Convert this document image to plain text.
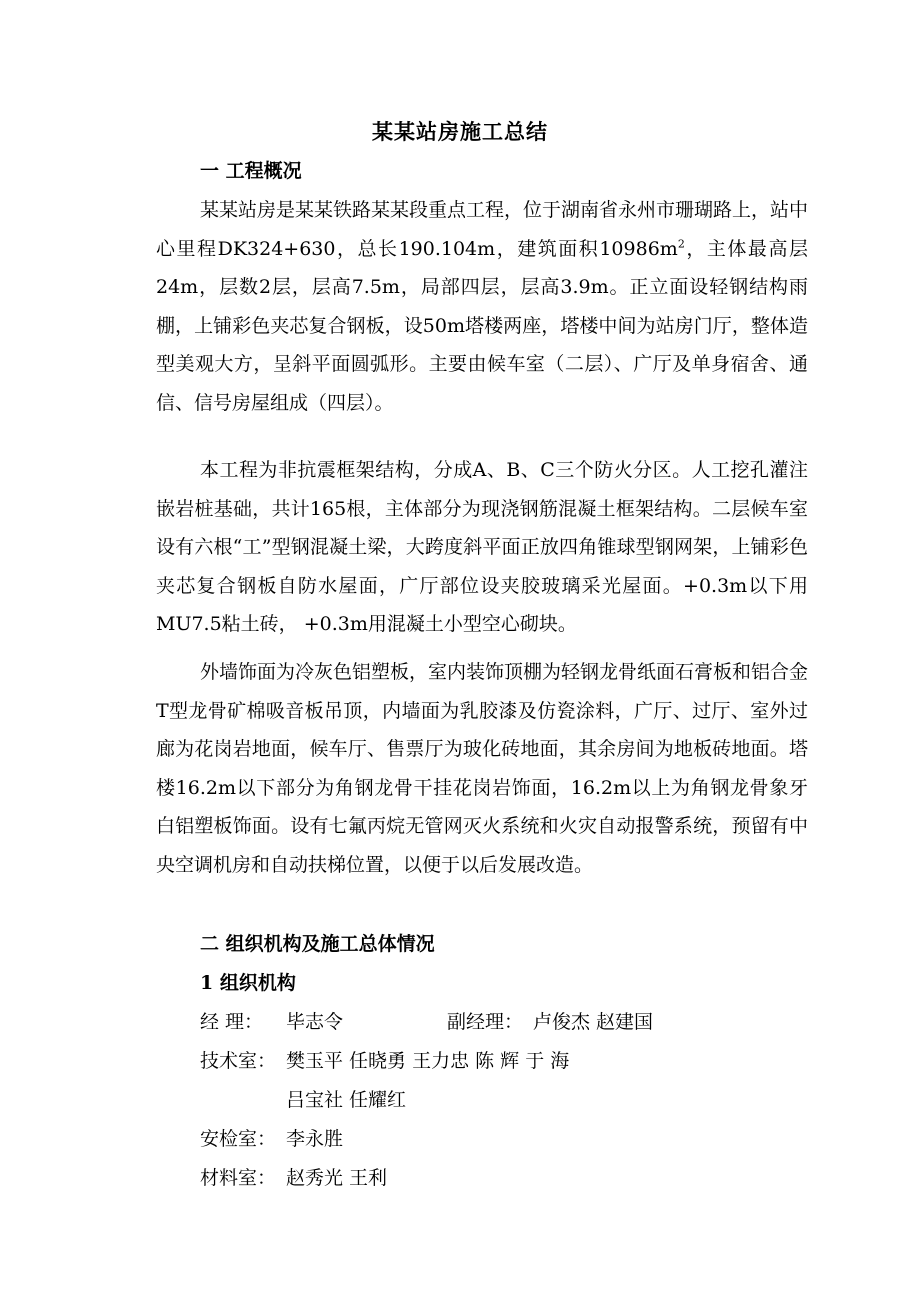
某某站房施工总结
一 工程概况

某某站房是某某铁路某某段重点工程，位于湖南省永州市珊瑚路上，站中心里程DK324+630，总长190.104m，建筑面积$10986m^2$，主体最高层24m，层数2层，层高7.5m，局部四层，层高3.9m。正立面设轻钢结构雨棚，上铺彩色夹芯复合钢板，设50m塔楼两座，塔楼中间为站房门厅，整体造型美观大方，呈斜平面圆弧形。主要由候车室（二层）、广厅及单身宿舍、通信、信号房屋组成（四层）。

本工程为非抗震框架结构，分成A、B、C三个防火分区。人工挖孔灌注嵌岩桩基础，共计165根，主体部分为现浇钢筋混凝土框架结构。二层候车室设有六根“工”型钢混凝土梁，大跨度斜平面正放四角锥球型钢网架，上铺彩色夹芯复合钢板自防水屋面，广厅部位设夹胶玻璃采光屋面。+0.3m以下用MU7.5粘土砖， +0.3m用混凝土小型空心砌块。

外墙饰面为冷灰色铝塑板，室内装饰顶棚为轻钢龙骨纸面石膏板和铝合金T型龙骨矿棉吸音板吊顶，内墙面为乳胶漆及仿瓷涂料，广厅、过厅、室外过廊为花岗岩地面，候车厅、售票厅为玻化砖地面，其余房间为地板砖地面。塔楼16.2m以下部分为角钢龙骨干挂花岗岩饰面，16.2m以上为角钢龙骨象牙白铝塑板饰面。设有七氟丙烷无管网灭火系统和火灾自动报警系统，预留有中央空调机房和自动扶梯位置，以便于以后发展改造。

二 组织机构及施工总体情况
1 组织机构
经 理： 毕志令	副经理： 卢俊杰 赵建国
技术室： 樊玉平 任晓勇 王力忠 陈 辉 于 海
吕宝社 任耀红
安检室： 李永胜
材料室： 赵秀光 王利
